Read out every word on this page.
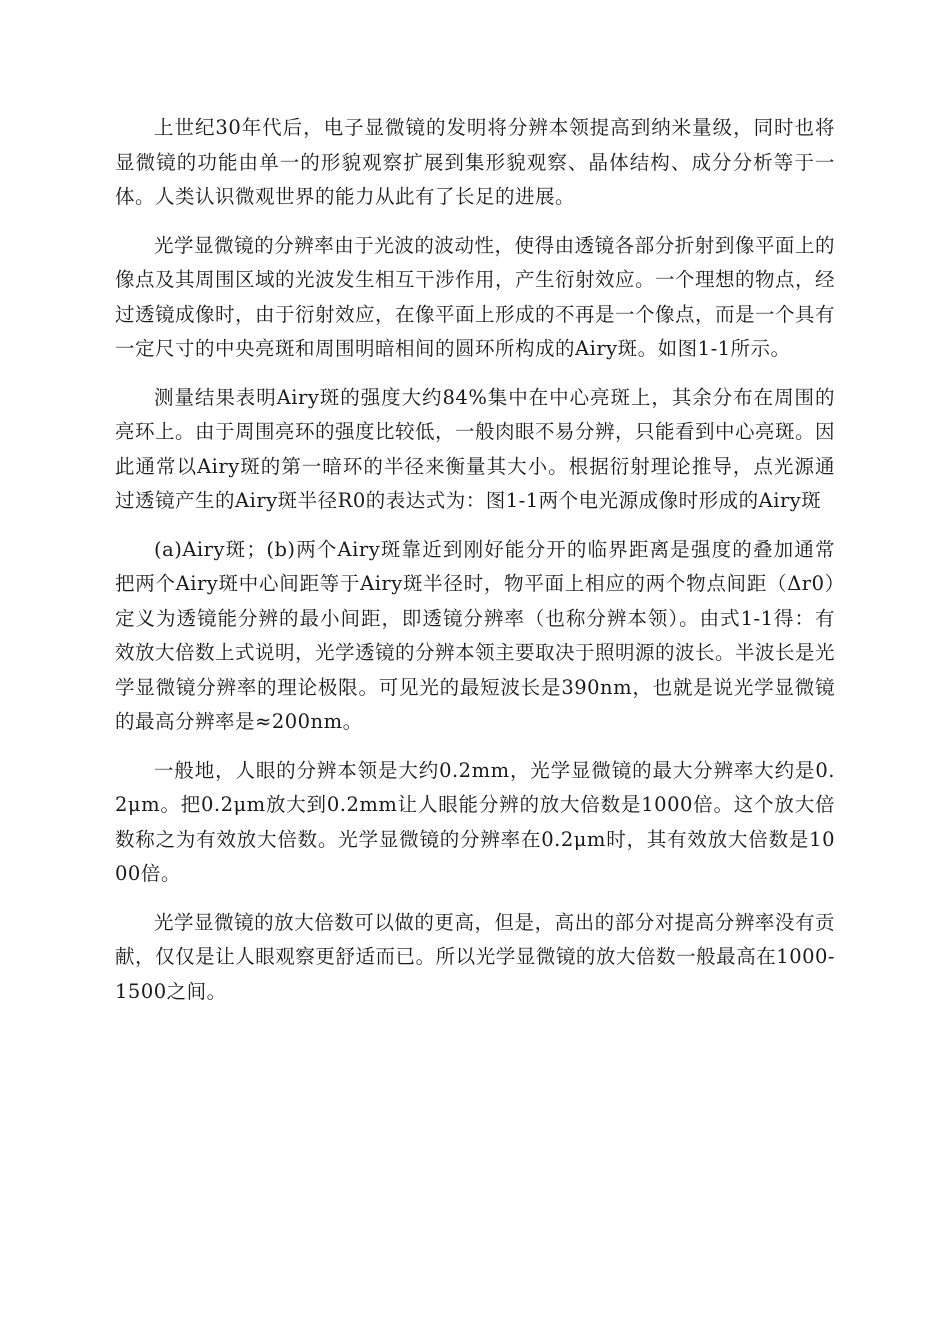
上世纪30年代后，电子显微镜的发明将分辨本领提高到纳米量级，同时也将显微镜的功能由单一的形貌观察扩展到集形貌观察、晶体结构、成分分析等于一体。人类认识微观世界的能力从此有了长足的进展。

光学显微镜的分辨率由于光波的波动性，使得由透镜各部分折射到像平面上的像点及其周围区域的光波发生相互干涉作用，产生衍射效应。一个理想的物点，经过透镜成像时，由于衍射效应，在像平面上形成的不再是一个像点，而是一个具有一定尺寸的中央亮斑和周围明暗相间的圆环所构成的Airy斑。如图1-1所示。

测量结果表明Airy斑的强度大约84%集中在中心亮斑上，其余分布在周围的亮环上。由于周围亮环的强度比较低，一般肉眼不易分辨，只能看到中心亮斑。因此通常以Airy斑的第一暗环的半径来衡量其大小。根据衍射理论推导，点光源通过透镜产生的Airy斑半径R0的表达式为：图1-1两个电光源成像时形成的Airy斑

(a)Airy斑；(b)两个Airy斑靠近到刚好能分开的临界距离是强度的叠加通常把两个Airy斑中心间距等于Airy斑半径时，物平面上相应的两个物点间距（Δr0）定义为透镜能分辨的最小间距，即透镜分辨率（也称分辨本领）。由式1-1得：有效放大倍数上式说明，光学透镜的分辨本领主要取决于照明源的波长。半波长是光学显微镜分辨率的理论极限。可见光的最短波长是390nm，也就是说光学显微镜的最高分辨率是≈200nm。

一般地，人眼的分辨本领是大约0.2mm，光学显微镜的最大分辨率大约是0.2μm。把0.2μm放大到0.2mm让人眼能分辨的放大倍数是1000倍。这个放大倍数称之为有效放大倍数。光学显微镜的分辨率在0.2μm时，其有效放大倍数是1000倍。

光学显微镜的放大倍数可以做的更高，但是，高出的部分对提高分辨率没有贡献，仅仅是让人眼观察更舒适而已。所以光学显微镜的放大倍数一般最高在1000-1500之间。
